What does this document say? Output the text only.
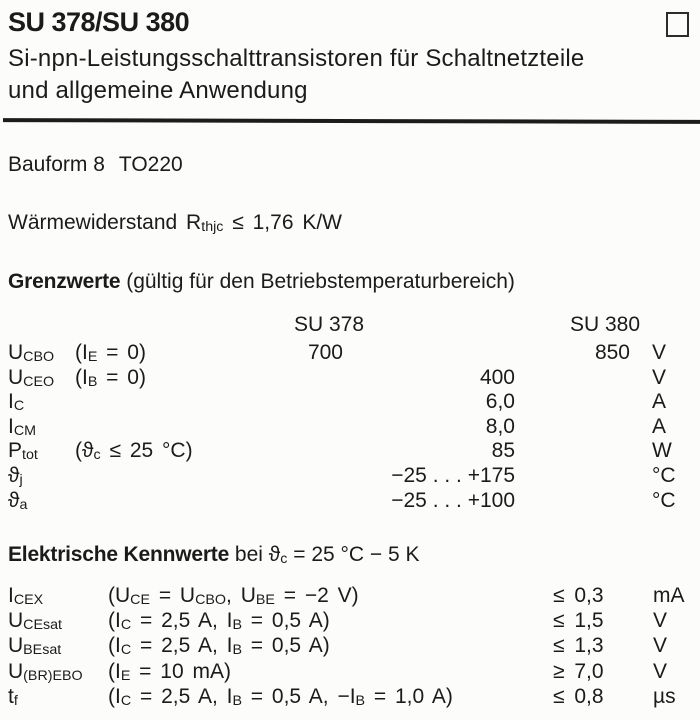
SU 378/SU 380
Si-npn-Leistungsschalttransistoren für Schaltnetzteile
und allgemeine Anwendung
Bauform 8 TO220
Wärmewiderstand Rthjc ≤ 1,76 K/W
Grenzwerte (gültig für den Betriebstemperaturbereich)
SU 378	SU 380
UCBO (IE = 0)	700	850	V
UCEO (IB = 0)	400	V
IC	6,0	A
ICM	8,0	A
Ptot	(ϑc ≤ 25 °C)	85	W
ϑj	−25 . . . +175	°C
ϑa	−25 . . . +100	°C
Elektrische Kennwerte bei ϑc = 25 °C − 5 K
ICEX	(UCE = UCBO, UBE = −2 V)	≤ 0,3	mA
UCEsat	(IC = 2,5 A, IB = 0,5 A)	≤ 1,5	V
UBEsat	(IC = 2,5 A, IB = 0,5 A)	≤ 1,3	V
U(BR)EBO	(IE = 10 mA)	≥ 7,0	V
tf	(IC = 2,5 A, IB = 0,5 A, −IB = 1,0 A)	≤ 0,8	µs
